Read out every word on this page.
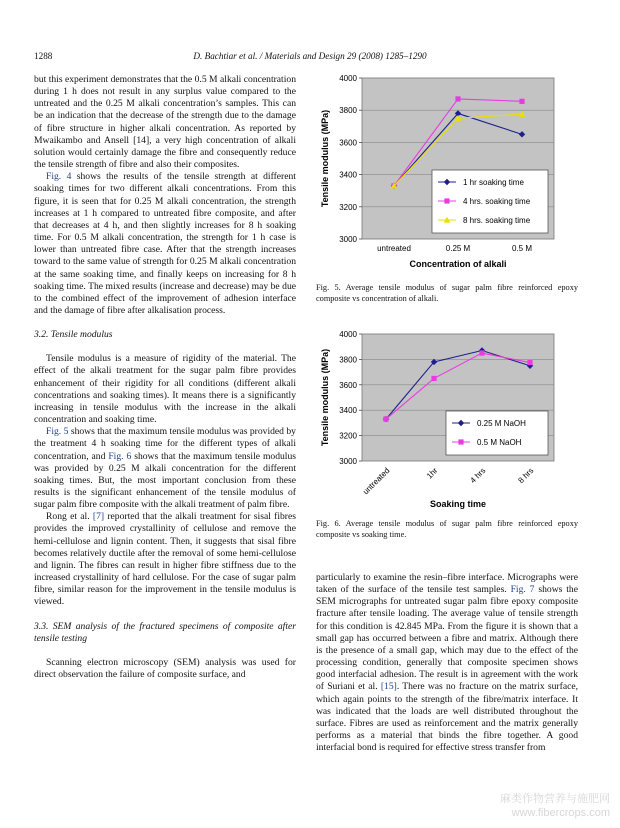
1288	D. Bachtiar et al. / Materials and Design 29 (2008) 1285–1290

but this experiment demonstrates that the 0.5 M alkali concentration during 1 h does not result in any surplus value compared to the untreated and the 0.25 M alkali concentration’s samples. This can be an indication that the decrease of the strength due to the damage of fibre structure in higher alkali concentration. As reported by Mwaikambo and Ansell [14], a very high concentration of alkali solution would certainly damage the fibre and consequently reduce the tensile strength of fibre and also their composites.

Fig. 4 shows the results of the tensile strength at different soaking times for two different alkali concentrations. From this figure, it is seen that for 0.25 M alkali concentration, the strength increases at 1 h compared to untreated fibre composite, and after that decreases at 4 h, and then slightly increases for 8 h soaking time. For 0.5 M alkali concentration, the strength for 1 h case is lower than untreated fibre case. After that the strength increases toward to the same value of strength for 0.25 M alkali concentration at the same soaking time, and finally keeps on increasing for 8 h soaking time. The mixed results (increase and decrease) may be due to the combined effect of the improvement of adhesion interface and the damage of fibre after alkalisation process.

3.2. Tensile modulus

Tensile modulus is a measure of rigidity of the material. The effect of the alkali treatment for the sugar palm fibre provides enhancement of their rigidity for all conditions (different alkali concentrations and soaking times). It means there is a significantly increasing in tensile modulus with the increase in the alkali concentration and soaking time.

Fig. 5 shows that the maximum tensile modulus was provided by the treatment 4 h soaking time for the different types of alkali concentration, and Fig. 6 shows that the maximum tensile modulus was provided by 0.25 M alkali concentration for the different soaking times. But, the most important conclusion from these results is the significant enhancement of the tensile modulus of sugar palm fibre composite with the alkali treatment of palm fibre.

Rong et al. [7] reported that the alkali treatment for sisal fibres provides the improved crystallinity of cellulose and remove the hemi-cellulose and lignin content. Then, it suggests that sisal fibre becomes relatively ductile after the removal of some hemi-cellulose and lignin. The fibres can result in higher fibre stiffness due to the increased crystallinity of hard cellulose. For the case of sugar palm fibre, similar reason for the improvement in the tensile modulus is viewed.

3.3. SEM analysis of the fractured specimens of composite after tensile testing

Scanning electron microscopy (SEM) analysis was used for direct observation the failure of composite surface, and

3000
3200
3400
3600
3800
4000
untreated	0.25 M	0.5 M
Concentration of alkali
Tensile modulus (MPa)	1 hr soaking time
4 hrs. soaking time
8 hrs. soaking time
Fig. 5. Average tensile modulus of sugar palm fibre reinforced epoxy composite vs concentration of alkali.
3000
3200
3400
3600
3800
4000
untreated	1hr	4 hrs	8 hrs
Soaking time
Tensile modulus (MPa)	0.25 M NaOH
0.5 M NaOH
Fig. 6. Average tensile modulus of sugar palm fibre reinforced epoxy composite vs soaking time.

particularly to examine the resin–fibre interface. Micrographs were taken of the surface of the tensile test samples. Fig. 7 shows the SEM micrographs for untreated sugar palm fibre epoxy composite fracture after tensile loading. The average value of tensile strength for this condition is 42.845 MPa. From the figure it is shown that a small gap has occurred between a fibre and matrix. Although there is the presence of a small gap, which may due to the effect of the processing condition, generally that composite specimen shows good interfacial adhesion. The result is in agreement with the work of Suriani et al. [15]. There was no fracture on the matrix surface, which again points to the strength of the fibre/matrix interface. It was indicated that the loads are well distributed throughout the surface. Fibres are used as reinforcement and the matrix generally performs as a material that binds the fibre together. A good interfacial bond is required for effective stress transfer from

麻类作物营养与施肥网
www.fibercrops.com
